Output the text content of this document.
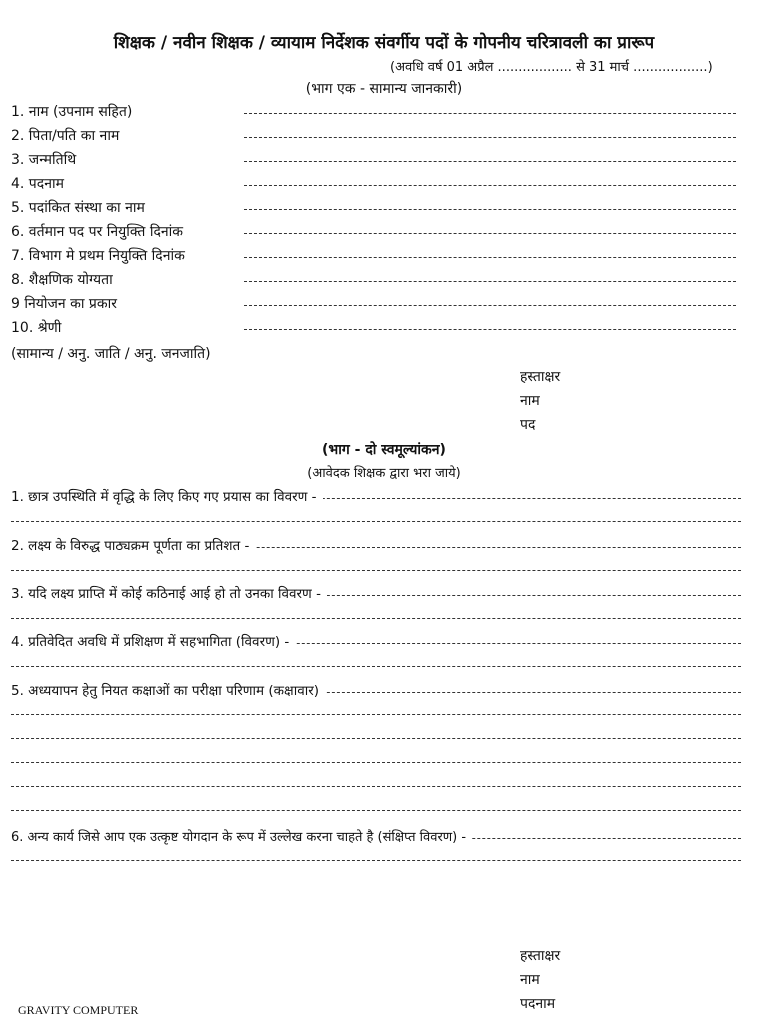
शिक्षक / नवीन शिक्षक / व्यायाम निर्देशक संवर्गीय पदों के गोपनीय चरित्रावली का प्रारूप
(अवधि वर्ष 01 अप्रैल .................. से 31 मार्च ..................)
(भाग एक - सामान्य जानकारी)
1. नाम (उपनाम सहित)
2. पिता/पति का नाम
3. जन्मतिथि
4. पदनाम
5. पदांकित संस्था का नाम
6. वर्तमान पद पर नियुक्ति दिनांक
7. विभाग मे प्रथम नियुक्ति दिनांक
8. शैक्षणिक योग्यता
9 नियोजन का प्रकार
10. श्रेणी
(सामान्य / अनु. जाति / अनु. जनजाति)
हस्ताक्षर
नाम
पद
(भाग - दो स्वमूल्यांकन)
(आवेदक शिक्षक द्वारा भरा जाये)
1. छात्र उपस्थिति में वृद्धि के लिए किए गए प्रयास का विवरण -
2. लक्ष्य के विरुद्ध पाठ्यक्रम पूर्णता का प्रतिशत -
3. यदि लक्ष्य प्राप्ति में कोई कठिनाई आई हो तो उनका विवरण -
4. प्रतिवेदित अवधि में प्रशिक्षण में सहभागिता (विवरण) -
5. अध्ययापन हेतु नियत कक्षाओं का परीक्षा परिणाम (कक्षावार)
6. अन्य कार्य जिसे आप एक उत्कृष्ट योगदान के रूप में उल्लेख करना चाहते है (संक्षिप्त विवरण) -
हस्ताक्षर
नाम
पदनाम
GRAVITY COMPUTER
